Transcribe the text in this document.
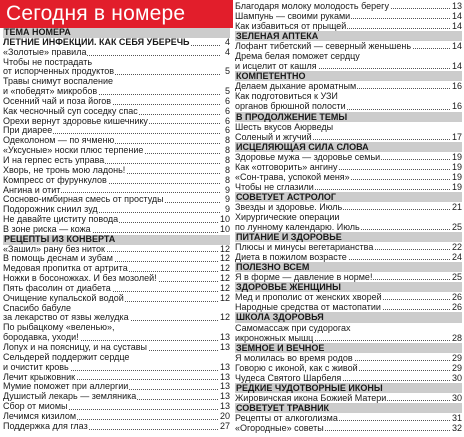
Сегодня в номере
ТЕМА НОМЕРА
ЛЕТНИЕ ИНФЕКЦИИ. КАК СЕБЯ УБЕРЕЧЬ	4
«Золотые» правила	4
Чтобы не пострадать
от испорченных продуктов	5
Травы снимут воспаление
и «победят» микробов	5
Осенний чай и поза йогов	6
Как чесночный суп соседку спас	6
Орехи вернут здоровье кишечнику	6
При диарее	6
Одеколоном — по ячменю	8
«Уксусные» носки плюс терпение	8
И на герпес есть управа	8
Хворь, не тронь мою ладонь!	8
Компресс от фурункулов	8
Ангина и отит	9
Сосново-имбирная смесь от простуды	9
Подорожник сниил зуд	9
Не давайте циститу повода	10
В зоне риска — кожа	10
РЕЦЕПТЫ ИЗ КОНВЕРТА
«Зашил» рану без ниток	12
В помощь деснам и зубам	12
Медовая пропитка от артрита	12
Ножки в босоножках. И без мозолей!	12
Пять фасолин от диабета	12
Очищение купальской водой	12
Спасибо бабуле
за лекарство от язвы желудка	12
По рыбацкому «веленью»,
бородавка, уходи!	13
Лопух и на поясницу, и на суставы	13
Сельдерей поддержит сердце
и очистит кровь	13
Лечит крыжовник	13
Мумие поможет при аллергии	13
Душистый лекарь — земляника	13
Сбор от миомы	13
Лечимся кизилом	20
Поддержка для глаз	27
Благодаря молоку молодость берегу	13
Шампунь — своими руками	14
Как избавиться от прыщей	14
ЗЕЛЕНАЯ АПТЕКА
Лофант тибетский — северный женьшень	14
Дрема белая поможет сердцу
и исцелит от кашля	14
КОМПЕТЕНТНО
Делаем дыхание ароматным	16
Как подготовиться к УЗИ
органов брюшной полости	16
В ПРОДОЛЖЕНИЕ ТЕМЫ
Шесть вкусов Аюрведы
Соленый и жгучий	17
ИСЦЕЛЯЮЩАЯ СИЛА СЛОВА
Здоровье мужа — здоровье семьи	19
Как «отговорить» ангину	19
«Сон-трава, успокой меня»	19
Чтобы не сглазили	19
СОВЕТУЕТ АСТРОЛОГ
Звезды и здоровье. Июль	21
Хирургические операции
по лунному календарю. Июль	25
ПИТАНИЕ И ЗДОРОВЬЕ
Плюсы и минусы вегетарианства	22
Диета в пожилом возрасте	24
ПОЛЕЗНО ВСЕМ
Я в форме — давление в норме!	25
ЗДОРОВЬЕ ЖЕНЩИНЫ
Мед и прополис от женских хворей	26
Народные средства от мастопатии	26
ШКОЛА ЗДОРОВЬЯ
Самомассаж при судорогах
икроножных мышц	28
ЗЕМНОЕ И ВЕЧНОЕ
Я молилась во время родов	29
Говорю с иконой, как с живой	29
Чудеса Святого Шарбеля	30
РЕДКИЕ ЧУДОТВОРНЫЕ ИКОНЫ
Жировичская икона Божией Матери	30
СОВЕТУЕТ ТРАВНИК
Рецепты от алкоголизма	31
«Огородные» советы	32
